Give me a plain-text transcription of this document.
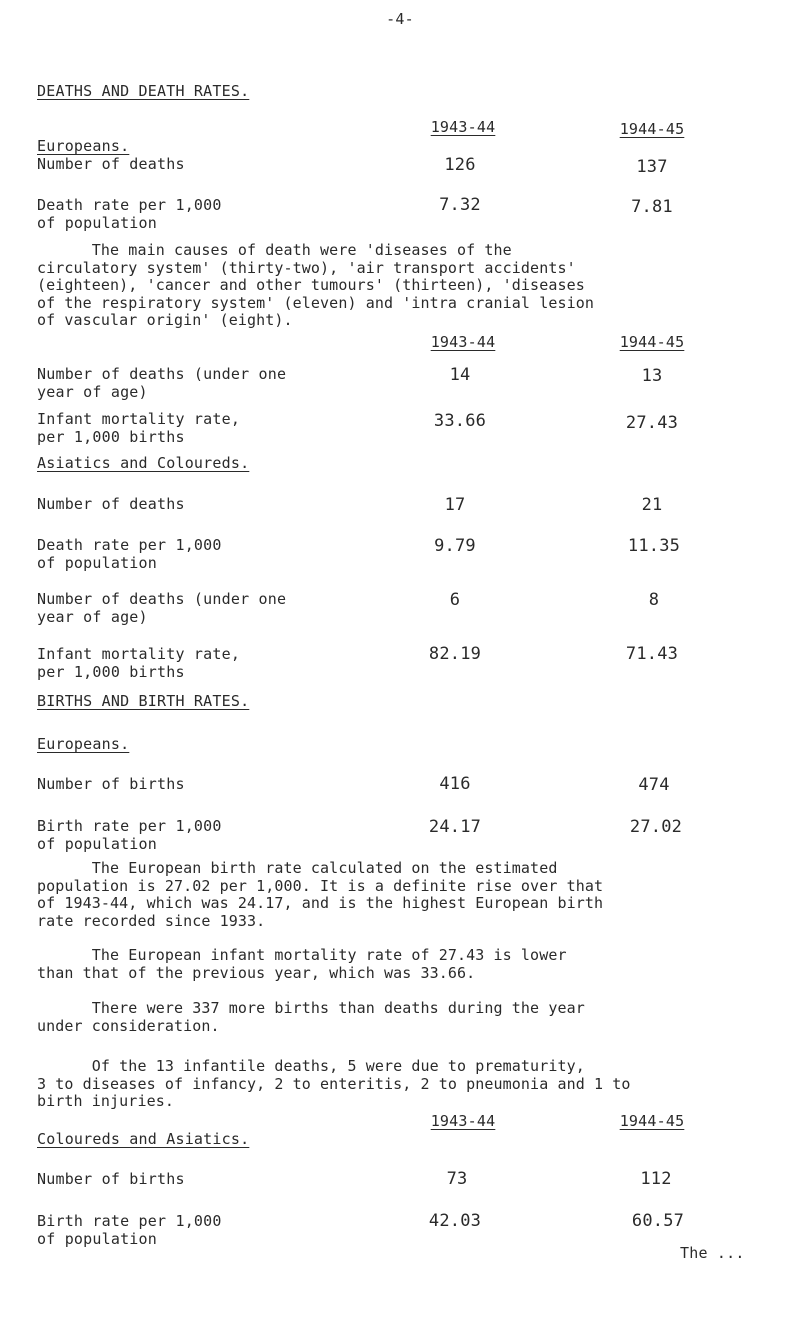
-4-
DEATHS AND DEATH RATES.
1943-44	1944-45
Europeans.
Number of deaths	126	137
Death rate per 1,000
of population
7.32	7.81
The main causes of death were 'diseases of the
circulatory system' (thirty-two), 'air transport accidents'
(eighteen), 'cancer and other tumours' (thirteen), 'diseases
of the respiratory system' (eleven) and 'intra cranial lesion
of vascular origin' (eight).
1943-44	1944-45
Number of deaths (under one
year of age)
14	13
Infant mortality rate,
per 1,000 births
33.66	27.43
Asiatics and Coloureds.
Number of deaths	17	21
Death rate per 1,000
of population
9.79	11.35
Number of deaths (under one
year of age)
6	8
Infant mortality rate,
per 1,000 births
82.19	71.43
BIRTHS AND BIRTH RATES.
Europeans.
Number of births	416	474
Birth rate per 1,000
of population
24.17	27.02
The European birth rate calculated on the estimated
population is 27.02 per 1,000. It is a definite rise over that
of 1943-44, which was 24.17, and is the highest European birth
rate recorded since 1933.
The European infant mortality rate of 27.43 is lower
than that of the previous year, which was 33.66.
There were 337 more births than deaths during the year
under consideration.
Of the 13 infantile deaths, 5 were due to prematurity,
3 to diseases of infancy, 2 to enteritis, 2 to pneumonia and 1 to
birth injuries.
1943-44	1944-45
Coloureds and Asiatics.
Number of births	73	112
Birth rate per 1,000
of population
42.03	60.57
The ...
